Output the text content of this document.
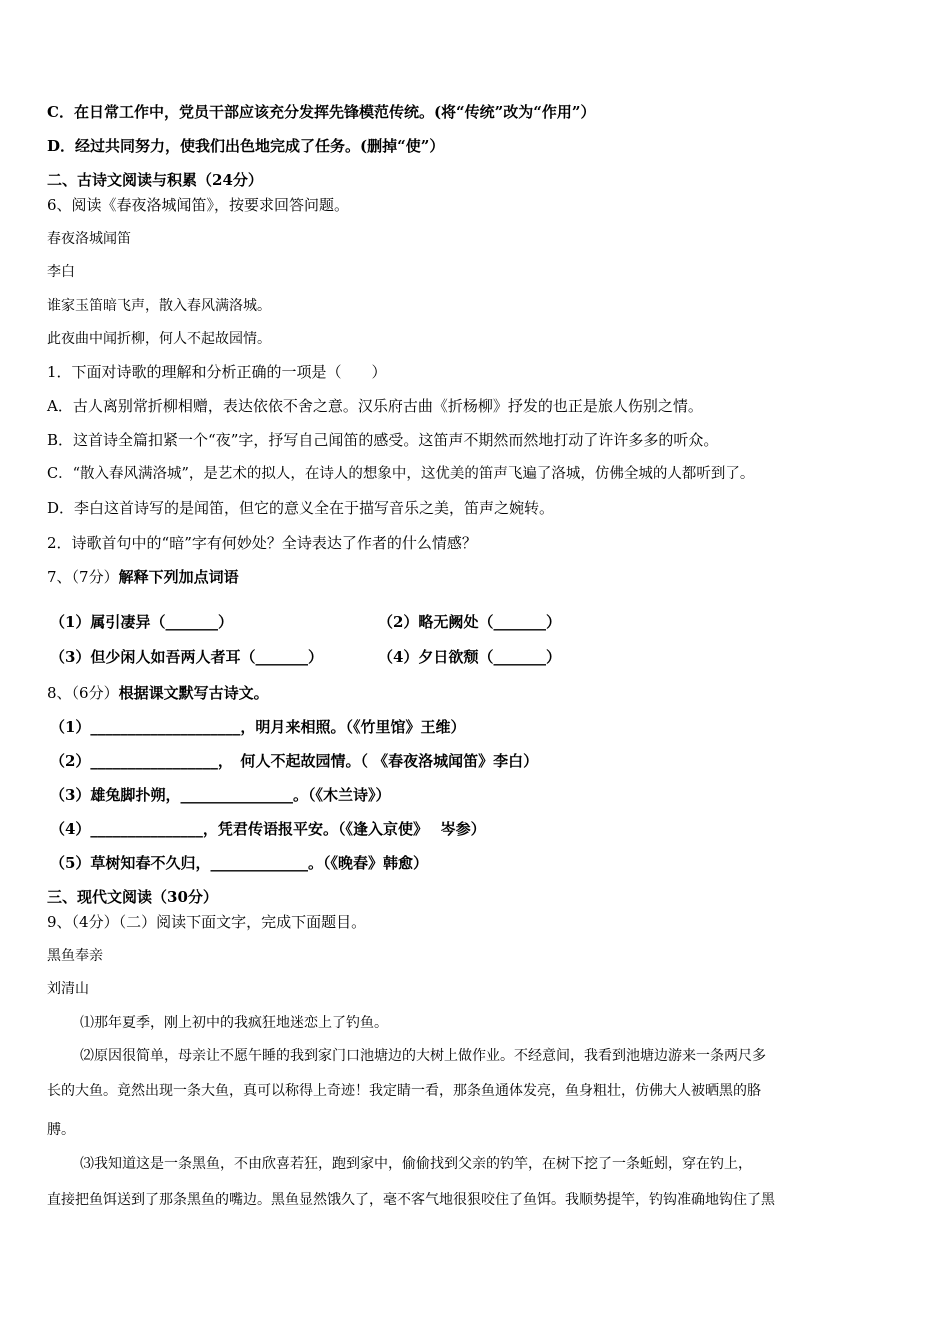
C．在日常工作中，党员干部应该充分发挥先锋模范传统。(将“传统”改为“作用”）
D．经过共同努力，使我们出色地完成了任务。(删掉“使”）
二、古诗文阅读与积累（24分）
6、阅读《春夜洛城闻笛》，按要求回答问题。
春夜洛城闻笛
李白
谁家玉笛暗飞声，散入春风满洛城。
此夜曲中闻折柳，何人不起故园情。
1．下面对诗歌的理解和分析正确的一项是（　　）
A．古人离别常折柳相赠，表达依依不舍之意。汉乐府古曲《折杨柳》抒发的也正是旅人伤别之情。
B．这首诗全篇扣紧一个“夜”字，抒写自己闻笛的感受。这笛声不期然而然地打动了许许多多的听众。
C．“散入春风满洛城”，是艺术的拟人，在诗人的想象中，这优美的笛声飞遍了洛城，仿佛全城的人都听到了。
D．李白这首诗写的是闻笛，但它的意义全在于描写音乐之美，笛声之婉转。
2．诗歌首句中的“暗”字有何妙处？全诗表达了作者的什么情感？
7、（7分）解释下列加点词语
（1）属引凄异（_______）	（2）略无阙处（_______）
（3）但少闲人如吾两人者耳（_______）	（4）夕日欲颓（_______）
8、（6分）根据课文默写古诗文。
（1）____________________，明月来相照。（《竹里馆》王维）
（2）_________________，　何人不起故园情。（ 《春夜洛城闻笛》李白）
（3）雄兔脚扑朔，_______________。（《木兰诗》）
（4）_______________，凭君传语报平安。（《逢入京使》　 岑参）
（5）草树知春不久归，_____________。（《晚春》韩愈）
三、现代文阅读（30分）
9、（4分）（二）阅读下面文字，完成下面题目。
黑鱼奉亲
刘清山
⑴那年夏季，刚上初中的我疯狂地迷恋上了钓鱼。
⑵原因很简单，母亲让不愿午睡的我到家门口池塘边的大树上做作业。不经意间，我看到池塘边游来一条两尺多
长的大鱼。竟然出现一条大鱼，真可以称得上奇迹！我定睛一看，那条鱼通体发亮，鱼身粗壮，仿佛大人被晒黑的胳
膊。
⑶我知道这是一条黑鱼，不由欣喜若狂，跑到家中，偷偷找到父亲的钓竿，在树下挖了一条蚯蚓，穿在钓上，
直接把鱼饵送到了那条黑鱼的嘴边。黑鱼显然饿久了，毫不客气地很狠咬住了鱼饵。我顺势提竿，钓钩准确地钩住了黑
